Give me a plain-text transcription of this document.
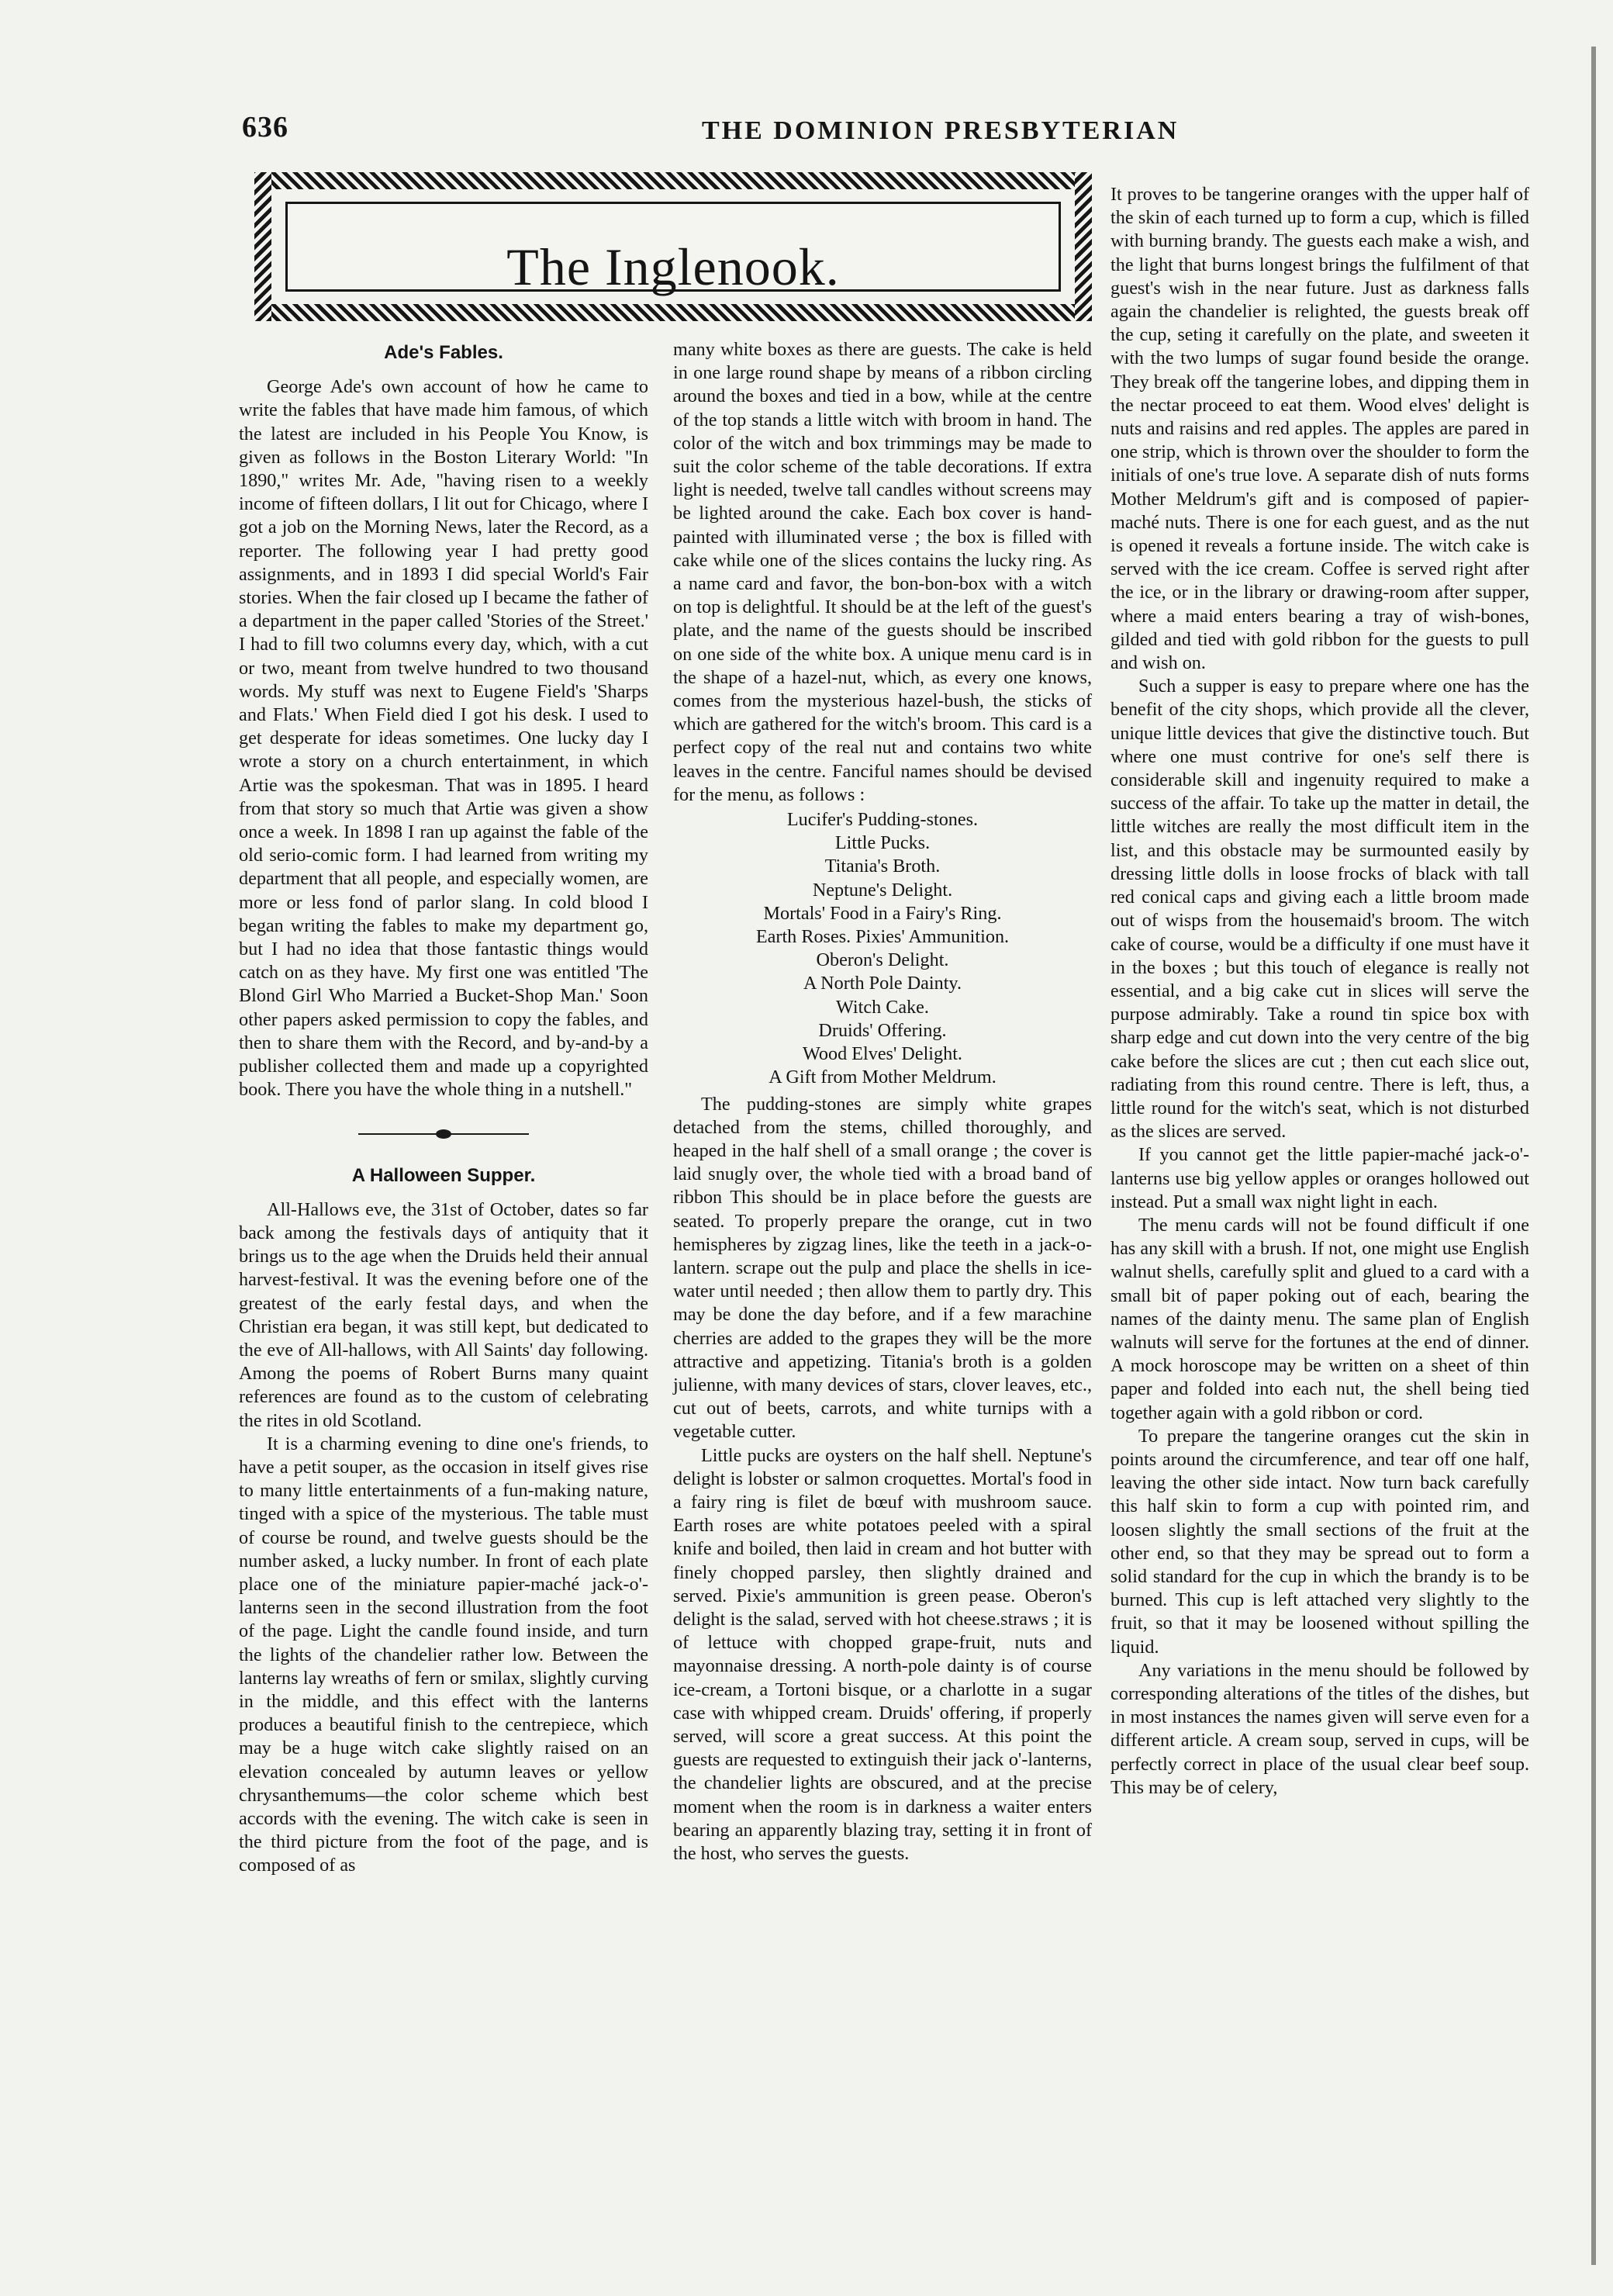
636	THE DOMINION PRESBYTERIAN
The Inglenook.
Ade's Fables.

George Ade's own account of how he came to write the fables that have made him famous, of which the latest are included in his People You Know, is given as follows in the Boston Literary World: "In 1890," writes Mr. Ade, "having risen to a weekly income of fifteen dollars, I lit out for Chicago, where I got a job on the Morning News, later the Record, as a reporter. The following year I had pretty good assignments, and in 1893 I did special World's Fair stories. When the fair closed up I became the father of a department in the paper called 'Stories of the Street.' I had to fill two columns every day, which, with a cut or two, meant from twelve hundred to two thousand words. My stuff was next to Eugene Field's 'Sharps and Flats.' When Field died I got his desk. I used to get desperate for ideas sometimes. One lucky day I wrote a story on a church entertainment, in which Artie was the spokesman. That was in 1895. I heard from that story so much that Artie was given a show once a week. In 1898 I ran up against the fable of the old serio-comic form. I had learned from writing my department that all people, and especially women, are more or less fond of parlor slang. In cold blood I began writing the fables to make my department go, but I had no idea that those fantastic things would catch on as they have. My first one was entitled 'The Blond Girl Who Married a Bucket-Shop Man.' Soon other papers asked permission to copy the fables, and then to share them with the Record, and by-and-by a publisher collected them and made up a copyrighted book. There you have the whole thing in a nutshell."

A Halloween Supper.

All-Hallows eve, the 31st of October, dates so far back among the festivals days of antiquity that it brings us to the age when the Druids held their annual harvest-festival. It was the evening before one of the greatest of the early festal days, and when the Christian era began, it was still kept, but dedicated to the eve of All-hallows, with All Saints' day following. Among the poems of Robert Burns many quaint references are found as to the custom of celebrating the rites in old Scotland.

It is a charming evening to dine one's friends, to have a petit souper, as the occasion in itself gives rise to many little entertainments of a fun-making nature, tinged with a spice of the mysterious. The table must of course be round, and twelve guests should be the number asked, a lucky number. In front of each plate place one of the miniature papier-maché jack-o'-lanterns seen in the second illustration from the foot of the page. Light the candle found inside, and turn the lights of the chandelier rather low. Between the lanterns lay wreaths of fern or smilax, slightly curving in the middle, and this effect with the lanterns produces a beautiful finish to the centrepiece, which may be a huge witch cake slightly raised on an elevation concealed by autumn leaves or yellow chrysanthemums—the color scheme which best accords with the evening. The witch cake is seen in the third picture from the foot of the page, and is composed of as

many white boxes as there are guests. The cake is held in one large round shape by means of a ribbon circling around the boxes and tied in a bow, while at the centre of the top stands a little witch with broom in hand. The color of the witch and box trimmings may be made to suit the color scheme of the table decorations. If extra light is needed, twelve tall candles without screens may be lighted around the cake. Each box cover is hand-painted with illuminated verse ; the box is filled with cake while one of the slices contains the lucky ring. As a name card and favor, the bon-bon-box with a witch on top is delightful. It should be at the left of the guest's plate, and the name of the guests should be inscribed on one side of the white box. A unique menu card is in the shape of a hazel-nut, which, as every one knows, comes from the mysterious hazel-bush, the sticks of which are gathered for the witch's broom. This card is a perfect copy of the real nut and contains two white leaves in the centre. Fanciful names should be devised for the menu, as follows :

Lucifer's Pudding-stones.
Little Pucks.
Titania's Broth.
Neptune's Delight.
Mortals' Food in a Fairy's Ring.
Earth Roses. Pixies' Ammunition.
Oberon's Delight.
A North Pole Dainty.
Witch Cake.
Druids' Offering.
Wood Elves' Delight.
A Gift from Mother Meldrum.

The pudding-stones are simply white grapes detached from the stems, chilled thoroughly, and heaped in the half shell of a small orange ; the cover is laid snugly over, the whole tied with a broad band of ribbon This should be in place before the guests are seated. To properly prepare the orange, cut in two hemispheres by zigzag lines, like the teeth in a jack-o-lantern. scrape out the pulp and place the shells in ice-water until needed ; then allow them to partly dry. This may be done the day before, and if a few marachine cherries are added to the grapes they will be the more attractive and appetizing. Titania's broth is a golden julienne, with many devices of stars, clover leaves, etc., cut out of beets, carrots, and white turnips with a vegetable cutter.

Little pucks are oysters on the half shell. Neptune's delight is lobster or salmon croquettes. Mortal's food in a fairy ring is filet de bœuf with mushroom sauce. Earth roses are white potatoes peeled with a spiral knife and boiled, then laid in cream and hot butter with finely chopped parsley, then slightly drained and served. Pixie's ammunition is green pease. Oberon's delight is the salad, served with hot cheese.straws ; it is of lettuce with chopped grape-fruit, nuts and mayonnaise dressing. A north-pole dainty is of course ice-cream, a Tortoni bisque, or a charlotte in a sugar case with whipped cream. Druids' offering, if properly served, will score a great success. At this point the guests are requested to extinguish their jack o'-lanterns, the chandelier lights are obscured, and at the precise moment when the room is in darkness a waiter enters bearing an apparently blazing tray, setting it in front of the host, who serves the guests.

It proves to be tangerine oranges with the upper half of the skin of each turned up to form a cup, which is filled with burning brandy. The guests each make a wish, and the light that burns longest brings the fulfilment of that guest's wish in the near future. Just as darkness falls again the chandelier is relighted, the guests break off the cup, seting it carefully on the plate, and sweeten it with the two lumps of sugar found beside the orange. They break off the tangerine lobes, and dipping them in the nectar proceed to eat them. Wood elves' delight is nuts and raisins and red apples. The apples are pared in one strip, which is thrown over the shoulder to form the initials of one's true love. A separate dish of nuts forms Mother Meldrum's gift and is composed of papier-maché nuts. There is one for each guest, and as the nut is opened it reveals a fortune inside. The witch cake is served with the ice cream. Coffee is served right after the ice, or in the library or drawing-room after supper, where a maid enters bearing a tray of wish-bones, gilded and tied with gold ribbon for the guests to pull and wish on.

Such a supper is easy to prepare where one has the benefit of the city shops, which provide all the clever, unique little devices that give the distinctive touch. But where one must contrive for one's self there is considerable skill and ingenuity required to make a success of the affair. To take up the matter in detail, the little witches are really the most difficult item in the list, and this obstacle may be surmounted easily by dressing little dolls in loose frocks of black with tall red conical caps and giving each a little broom made out of wisps from the housemaid's broom. The witch cake of course, would be a difficulty if one must have it in the boxes ; but this touch of elegance is really not essential, and a big cake cut in slices will serve the purpose admirably. Take a round tin spice box with sharp edge and cut down into the very centre of the big cake before the slices are cut ; then cut each slice out, radiating from this round centre. There is left, thus, a little round for the witch's seat, which is not disturbed as the slices are served.

If you cannot get the little papier-maché jack-o'-lanterns use big yellow apples or oranges hollowed out instead. Put a small wax night light in each.

The menu cards will not be found difficult if one has any skill with a brush. If not, one might use English walnut shells, carefully split and glued to a card with a small bit of paper poking out of each, bearing the names of the dainty menu. The same plan of English walnuts will serve for the fortunes at the end of dinner. A mock horoscope may be written on a sheet of thin paper and folded into each nut, the shell being tied together again with a gold ribbon or cord.

To prepare the tangerine oranges cut the skin in points around the circumference, and tear off one half, leaving the other side intact. Now turn back carefully this half skin to form a cup with pointed rim, and loosen slightly the small sections of the fruit at the other end, so that they may be spread out to form a solid standard for the cup in which the brandy is to be burned. This cup is left attached very slightly to the fruit, so that it may be loosened without spilling the liquid.

Any variations in the menu should be followed by corresponding alterations of the titles of the dishes, but in most instances the names given will serve even for a different article. A cream soup, served in cups, will be perfectly correct in place of the usual clear beef soup. This may be of celery,
